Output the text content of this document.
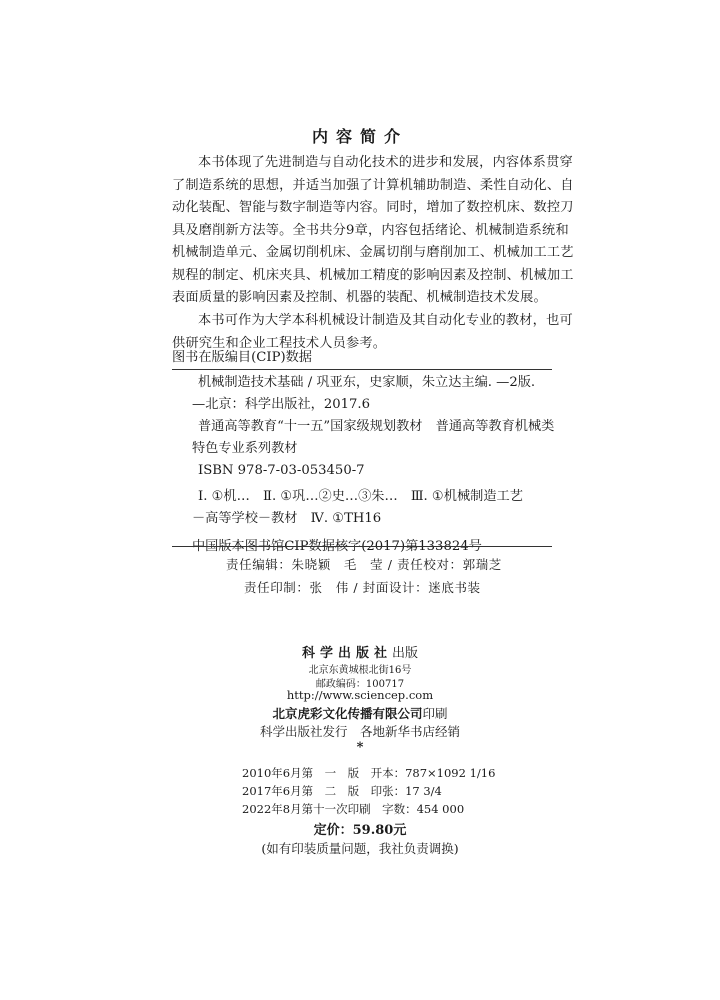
内容简介
本书体现了先进制造与自动化技术的进步和发展，内容体系贯穿
了制造系统的思想，并适当加强了计算机辅助制造、柔性自动化、自
动化装配、智能与数字制造等内容。同时，增加了数控机床、数控刀
具及磨削新方法等。全书共分9章，内容包括绪论、机械制造系统和
机械制造单元、金属切削机床、金属切削与磨削加工、机械加工工艺
规程的制定、机床夹具、机械加工精度的影响因素及控制、机械加工
表面质量的影响因素及控制、机器的装配、机械制造技术发展。
本书可作为大学本科机械设计制造及其自动化专业的教材，也可
供研究生和企业工程技术人员参考。
图书在版编目(CIP)数据
机械制造技术基础 / 巩亚东，史家顺，朱立达主编. —2版.
—北京：科学出版社，2017.6
普通高等教育“十一五”国家级规划教材　普通高等教育机械类
特色专业系列教材
ISBN 978-7-03-053450-7
Ⅰ. ①机…　Ⅱ. ①巩…②史…③朱…　Ⅲ. ①机械制造工艺
－高等学校－教材　Ⅳ. ①TH16
中国版本图书馆CIP数据核字(2017)第133824号
责任编辑：朱晓颖　毛　莹 / 责任校对：郭瑞芝
责任印制：张　伟 / 封面设计：迷底书装
科学出版社出版
北京东黄城根北街16号
邮政编码：100717
http://www.sciencep.com
北京虎彩文化传播有限公司印刷
科学出版社发行　各地新华书店经销
*
2010年6月第　一　版　开本：787×1092 1/16
2017年6月第　二　版　印张：17 3/4
2022年8月第十一次印刷　字数：454 000
定价：59.80元
(如有印装质量问题，我社负责调换)
